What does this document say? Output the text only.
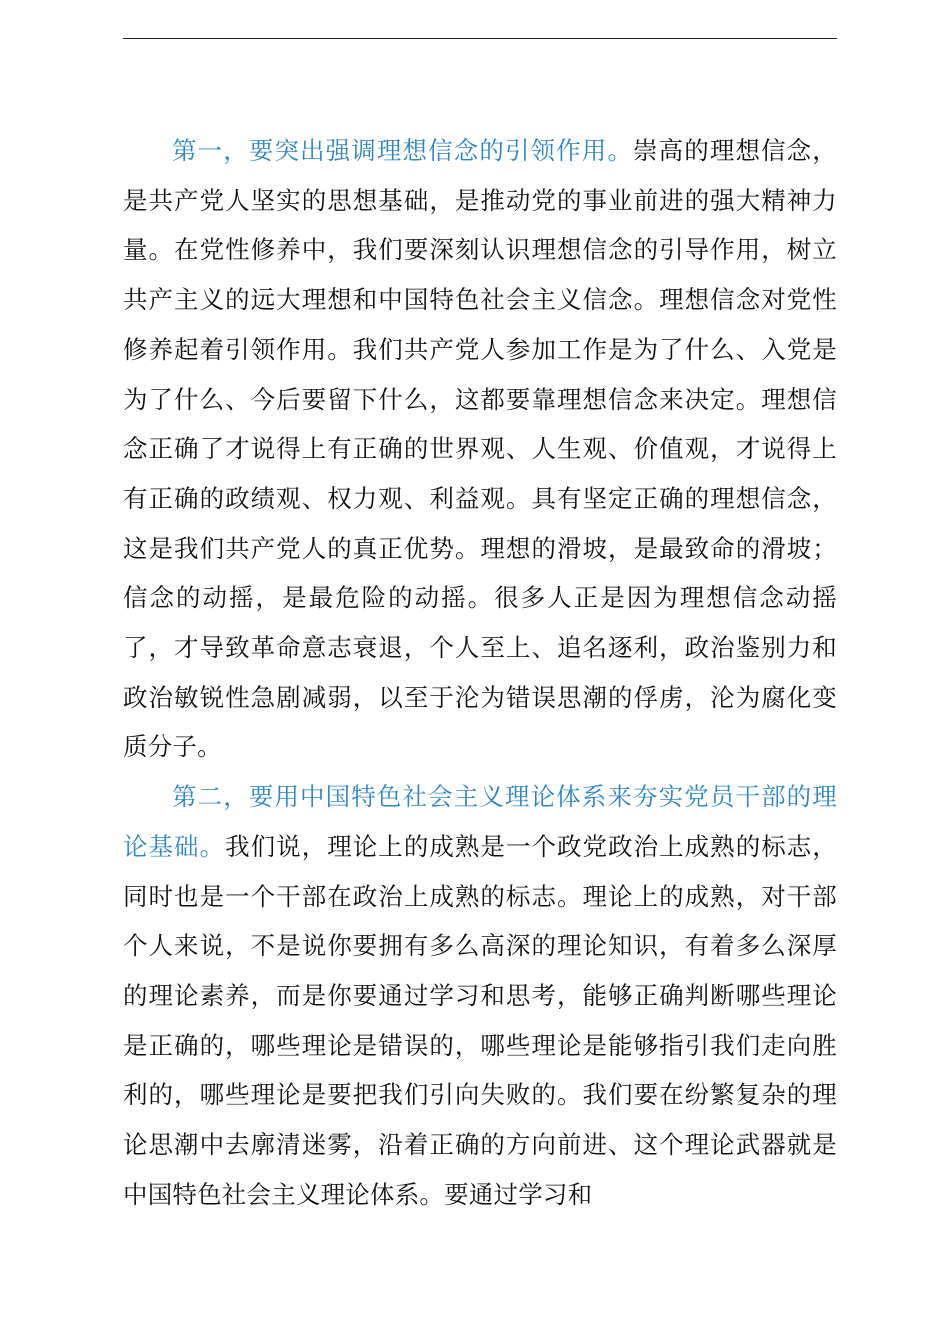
第一，要突出强调理想信念的引领作用。崇高的理想信念，是共产党人坚实的思想基础，是推动党的事业前进的强大精神力量。在党性修养中，我们要深刻认识理想信念的引导作用，树立共产主义的远大理想和中国特色社会主义信念。理想信念对党性修养起着引领作用。我们共产党人参加工作是为了什么、入党是为了什么、今后要留下什么，这都要靠理想信念来决定。理想信念正确了才说得上有正确的世界观、人生观、价值观，才说得上有正确的政绩观、权力观、利益观。具有坚定正确的理想信念，这是我们共产党人的真正优势。理想的滑坡，是最致命的滑坡；信念的动摇，是最危险的动摇。很多人正是因为理想信念动摇了，才导致革命意志衰退，个人至上、追名逐利，政治鉴别力和政治敏锐性急剧减弱，以至于沦为错误思潮的俘虏，沦为腐化变质分子。

第二，要用中国特色社会主义理论体系来夯实党员干部的理论基础。我们说，理论上的成熟是一个政党政治上成熟的标志，同时也是一个干部在政治上成熟的标志。理论上的成熟，对干部个人来说，不是说你要拥有多么高深的理论知识，有着多么深厚的理论素养，而是你要通过学习和思考，能够正确判断哪些理论是正确的，哪些理论是错误的，哪些理论是能够指引我们走向胜利的，哪些理论是要把我们引向失败的。我们要在纷繁复杂的理论思潮中去廓清迷雾，沿着正确的方向前进、这个理论武器就是中国特色社会主义理论体系。要通过学习和
